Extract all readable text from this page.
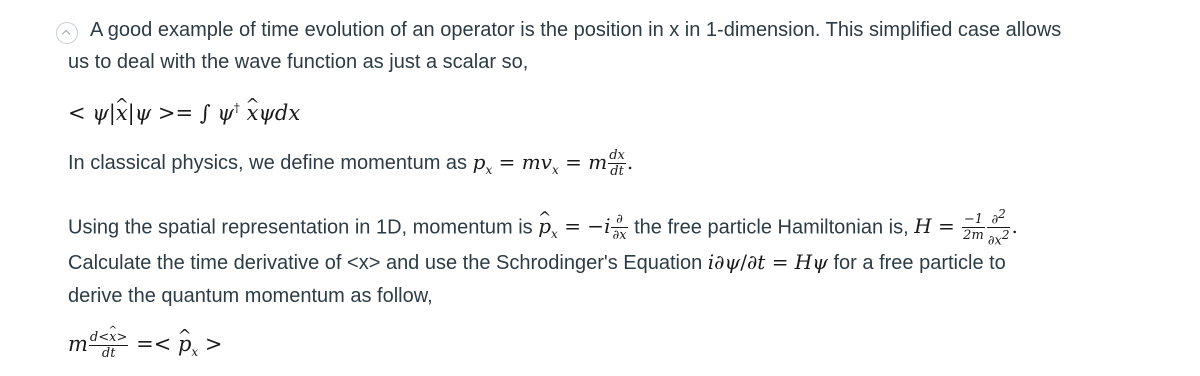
A good example of time evolution of an operator is the position in x in 1-dimension. This simplified case allows
us to deal with the wave function as just a scalar so,
< ψ|x ^|ψ >= ∫ ψ† x ^ψdx
In classical physics, we define momentum as $p_x = mv_x = m \frac{dx}{dt}$ .
Using the spatial representation in 1D, momentum is p $\^{}_x = -i \frac{\partial}{\partial x}$ the free particle Hamiltonian is, $H = \frac{-1}{2m} \frac{\partial^2}{\partial x^2}$ .
Calculate the time derivative of <x> and use the Schrodinger's Equation i∂ψ/∂t = Hψ for a free particle to
derive the quantum momentum as follow,
m $\frac{d<x \^{}>}{dt} =< p$ $\^{}_x$ >
